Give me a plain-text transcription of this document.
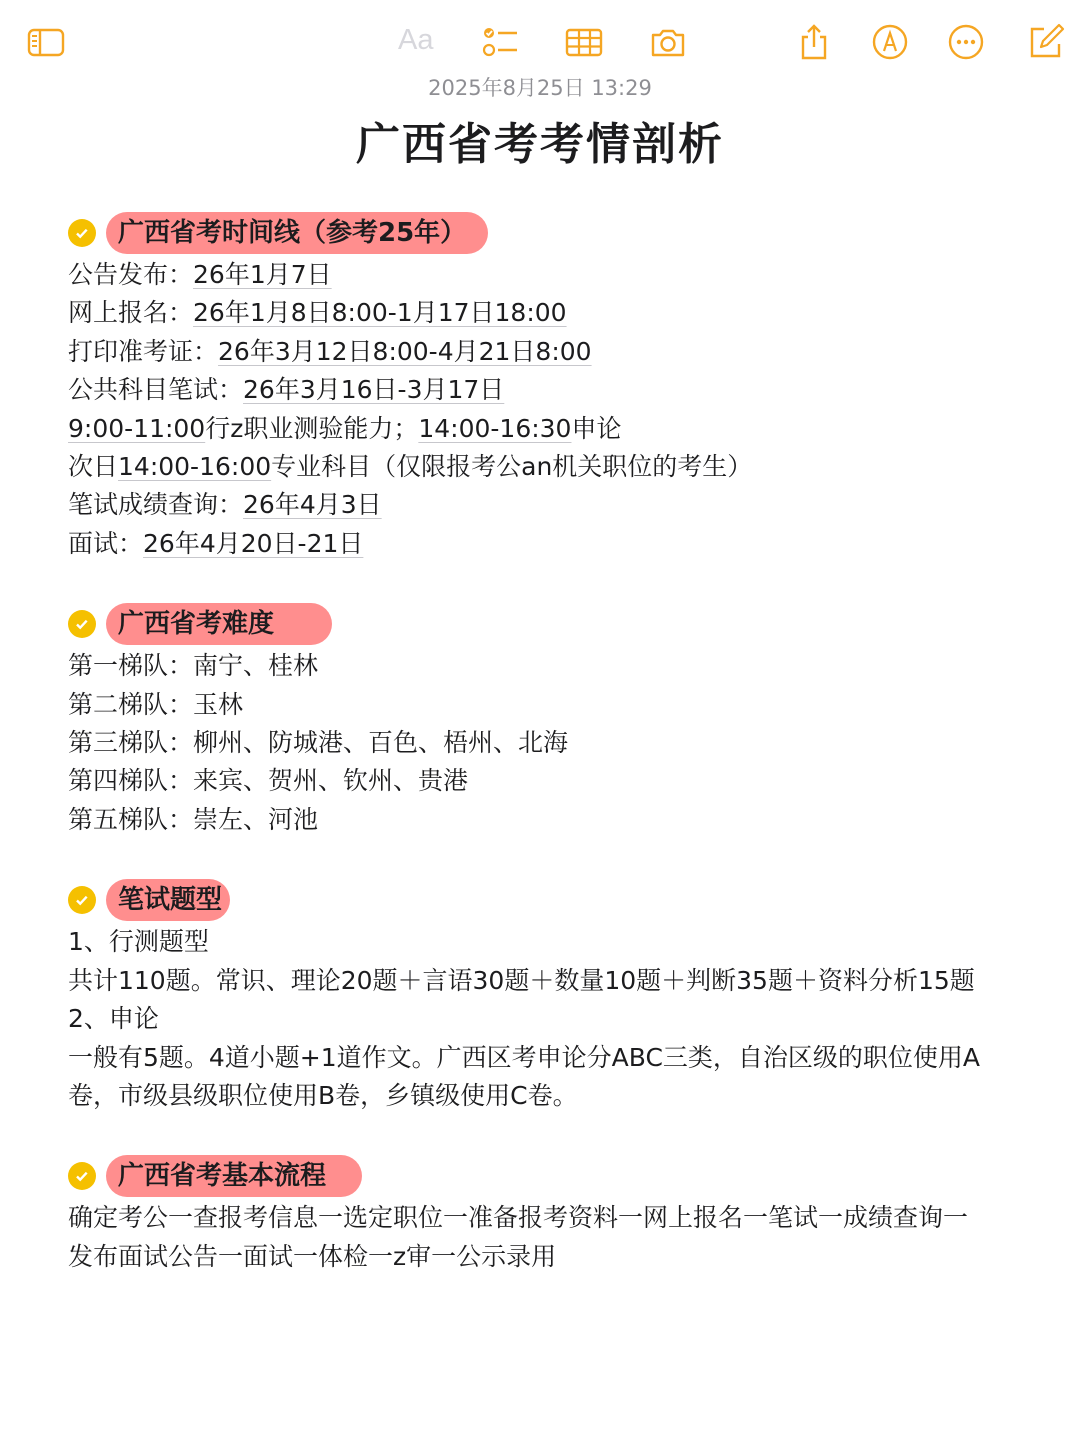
Aa
2025年8月25日 13:29
广西省考考情剖析
广西省考时间线（参考25年）
公告发布：26年1月7日
网上报名：26年1月8日8:00-1月17日18:00
打印准考证：26年3月12日8:00-4月21日8:00
公共科目笔试：26年3月16日-3月17日
9:00-11:00行z职业测验能力；14:00-16:30申论
次日14:00-16:00专业科目（仅限报考公an机关职位的考生）
笔试成绩查询：26年4月3日
面试：26年4月20日-21日
广西省考难度
第一梯队：南宁、桂林
第二梯队：玉林
第三梯队：柳州、防城港、百色、梧州、北海
第四梯队：来宾、贺州、钦州、贵港
第五梯队：崇左、河池
笔试题型
1、行测题型
共计110题。常识、理论20题＋言语30题＋数量10题＋判断35题＋资料分析15题
2、申论
一般有5题。4道小题+1道作文。广西区考申论分ABC三类，自治区级的职位使用A
卷，市级县级职位使用B卷，乡镇级使用C卷。
广西省考基本流程
确定考公一查报考信息一选定职位一准备报考资料一网上报名一笔试一成绩查询一
发布面试公告一面试一体检一z审一公示录用
